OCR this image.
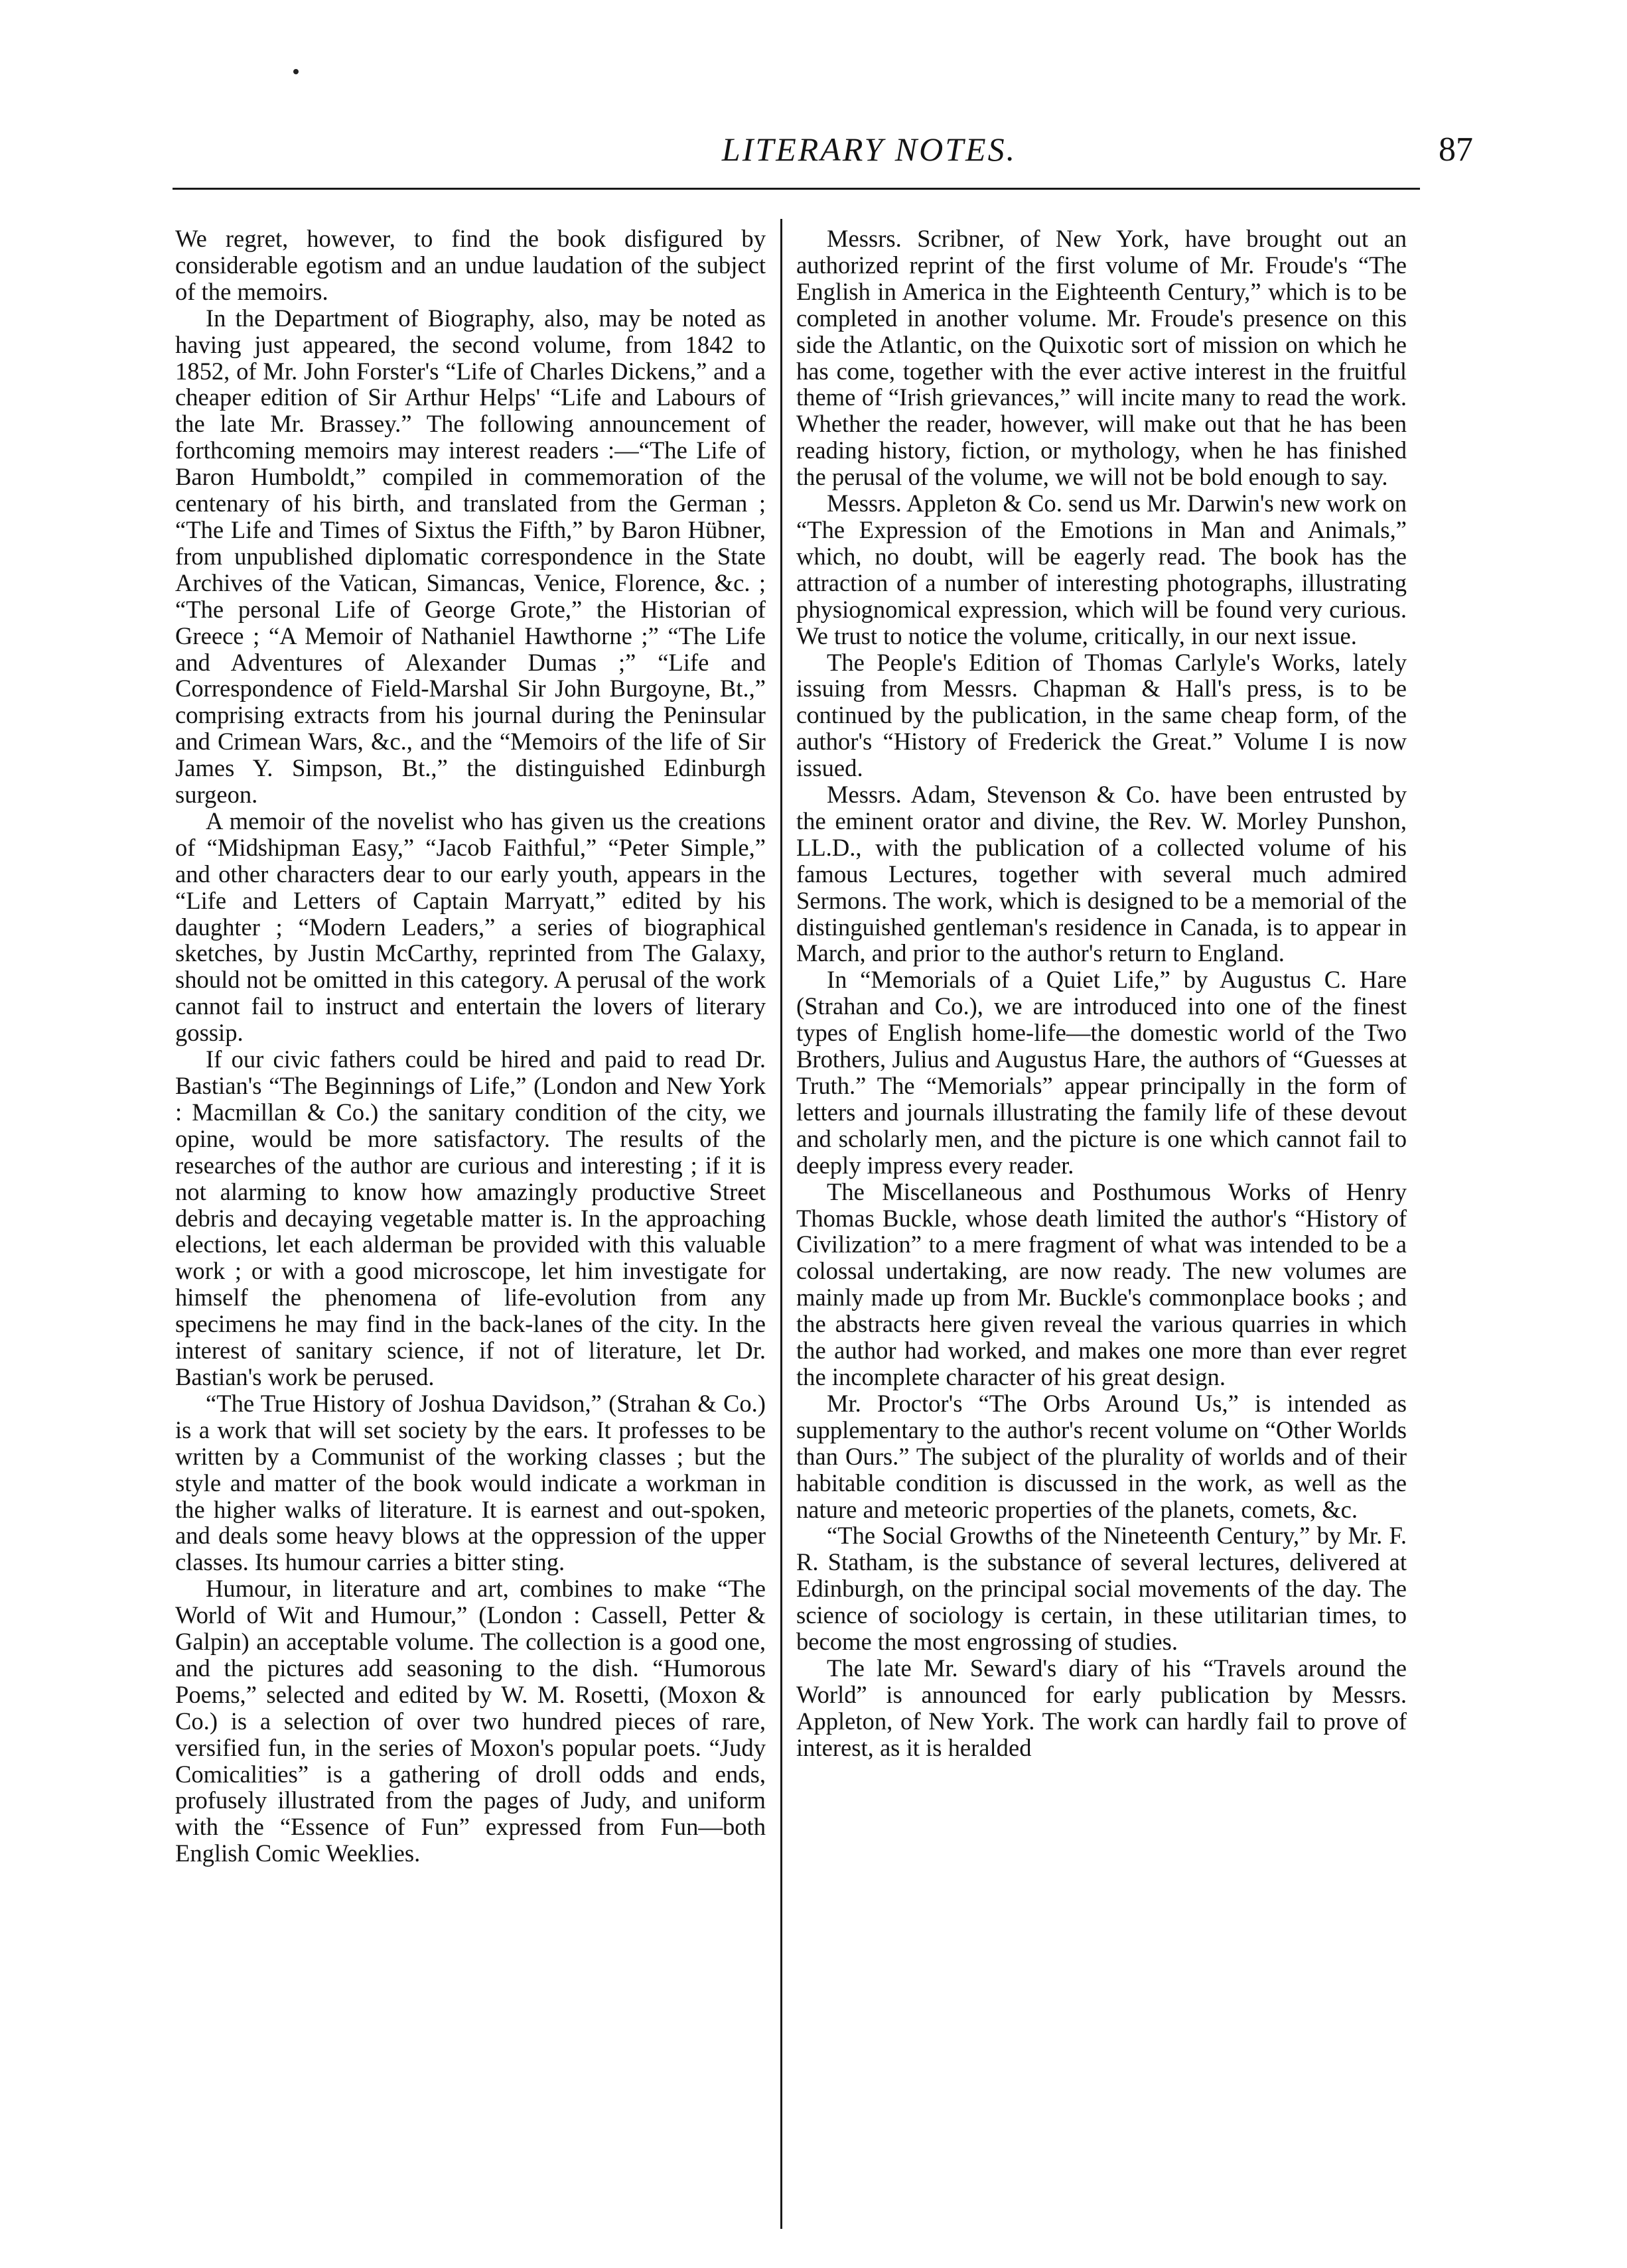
LITERARY NOTES.	87

We regret, however, to find the book disfigured by considerable egotism and an undue laudation of the subject of the memoirs.

In the Department of Biography, also, may be noted as having just appeared, the second volume, from 1842 to 1852, of Mr. John Forster's “Life of Charles Dickens,” and a cheaper edition of Sir Arthur Helps' “Life and Labours of the late Mr. Brassey.” The following announcement of forthcoming memoirs may interest readers :—“The Life of Baron Humboldt,” compiled in commemoration of the centenary of his birth, and translated from the German ; “The Life and Times of Sixtus the Fifth,” by Baron Hübner, from unpublished diplomatic correspondence in the State Archives of the Vatican, Simancas, Venice, Florence, &c. ; “The personal Life of George Grote,” the Historian of Greece ; “A Memoir of Nathaniel Hawthorne ;” “The Life and Adventures of Alexander Dumas ;” “Life and Correspondence of Field-Marshal Sir John Burgoyne, Bt.,” comprising extracts from his journal during the Peninsular and Crimean Wars, &c., and the “Memoirs of the life of Sir James Y. Simpson, Bt.,” the distinguished Edinburgh surgeon.

A memoir of the novelist who has given us the creations of “Midshipman Easy,” “Jacob Faithful,” “Peter Simple,” and other characters dear to our early youth, appears in the “Life and Letters of Captain Marryatt,” edited by his daughter ; “Modern Leaders,” a series of biographical sketches, by Justin McCarthy, reprinted from The Galaxy, should not be omitted in this category. A perusal of the work cannot fail to instruct and entertain the lovers of literary gossip.

If our civic fathers could be hired and paid to read Dr. Bastian's “The Beginnings of Life,” (London and New York : Macmillan & Co.) the sanitary condition of the city, we opine, would be more satisfactory. The results of the researches of the author are curious and interesting ; if it is not alarming to know how amazingly productive Street debris and decaying vegetable matter is. In the approaching elections, let each alderman be provided with this valuable work ; or with a good microscope, let him investigate for himself the phenomena of life-evolution from any specimens he may find in the back-lanes of the city. In the interest of sanitary science, if not of literature, let Dr. Bastian's work be perused.

“The True History of Joshua Davidson,” (Strahan & Co.) is a work that will set society by the ears. It professes to be written by a Communist of the working classes ; but the style and matter of the book would indicate a workman in the higher walks of literature. It is earnest and out-spoken, and deals some heavy blows at the oppression of the upper classes. Its humour carries a bitter sting.

Humour, in literature and art, combines to make “The World of Wit and Humour,” (London : Cassell, Petter & Galpin) an acceptable volume. The collection is a good one, and the pictures add seasoning to the dish. “Humorous Poems,” selected and edited by W. M. Rosetti, (Moxon & Co.) is a selection of over two hundred pieces of rare, versified fun, in the series of Moxon's popular poets. “Judy Comicalities” is a gathering of droll odds and ends, profusely illustrated from the pages of Judy, and uniform with the “Essence of Fun” expressed from Fun—both English Comic Weeklies.

Messrs. Scribner, of New York, have brought out an authorized reprint of the first volume of Mr. Froude's “The English in America in the Eighteenth Century,” which is to be completed in another volume. Mr. Froude's presence on this side the Atlantic, on the Quixotic sort of mission on which he has come, together with the ever active interest in the fruitful theme of “Irish grievances,” will incite many to read the work. Whether the reader, however, will make out that he has been reading history, fiction, or mythology, when he has finished the perusal of the volume, we will not be bold enough to say.

Messrs. Appleton & Co. send us Mr. Darwin's new work on “The Expression of the Emotions in Man and Animals,” which, no doubt, will be eagerly read. The book has the attraction of a number of interesting photographs, illustrating physiognomical expression, which will be found very curious. We trust to notice the volume, critically, in our next issue.

The People's Edition of Thomas Carlyle's Works, lately issuing from Messrs. Chapman & Hall's press, is to be continued by the publication, in the same cheap form, of the author's “History of Frederick the Great.” Volume I is now issued.

Messrs. Adam, Stevenson & Co. have been entrusted by the eminent orator and divine, the Rev. W. Morley Punshon, LL.D., with the publication of a collected volume of his famous Lectures, together with several much admired Sermons. The work, which is designed to be a memorial of the distinguished gentleman's residence in Canada, is to appear in March, and prior to the author's return to England.

In “Memorials of a Quiet Life,” by Augustus C. Hare (Strahan and Co.), we are introduced into one of the finest types of English home-life—the domestic world of the Two Brothers, Julius and Augustus Hare, the authors of “Guesses at Truth.” The “Memorials” appear principally in the form of letters and journals illustrating the family life of these devout and scholarly men, and the picture is one which cannot fail to deeply impress every reader.

The Miscellaneous and Posthumous Works of Henry Thomas Buckle, whose death limited the author's “History of Civilization” to a mere fragment of what was intended to be a colossal undertaking, are now ready. The new volumes are mainly made up from Mr. Buckle's commonplace books ; and the abstracts here given reveal the various quarries in which the author had worked, and makes one more than ever regret the incomplete character of his great design.

Mr. Proctor's “The Orbs Around Us,” is intended as supplementary to the author's recent volume on “Other Worlds than Ours.” The subject of the plurality of worlds and of their habitable condition is discussed in the work, as well as the nature and meteoric properties of the planets, comets, &c.

“The Social Growths of the Nineteenth Century,” by Mr. F. R. Statham, is the substance of several lectures, delivered at Edinburgh, on the principal social movements of the day. The science of sociology is certain, in these utilitarian times, to become the most engrossing of studies.

The late Mr. Seward's diary of his “Travels around the World” is announced for early publication by Messrs. Appleton, of New York. The work can hardly fail to prove of interest, as it is heralded
